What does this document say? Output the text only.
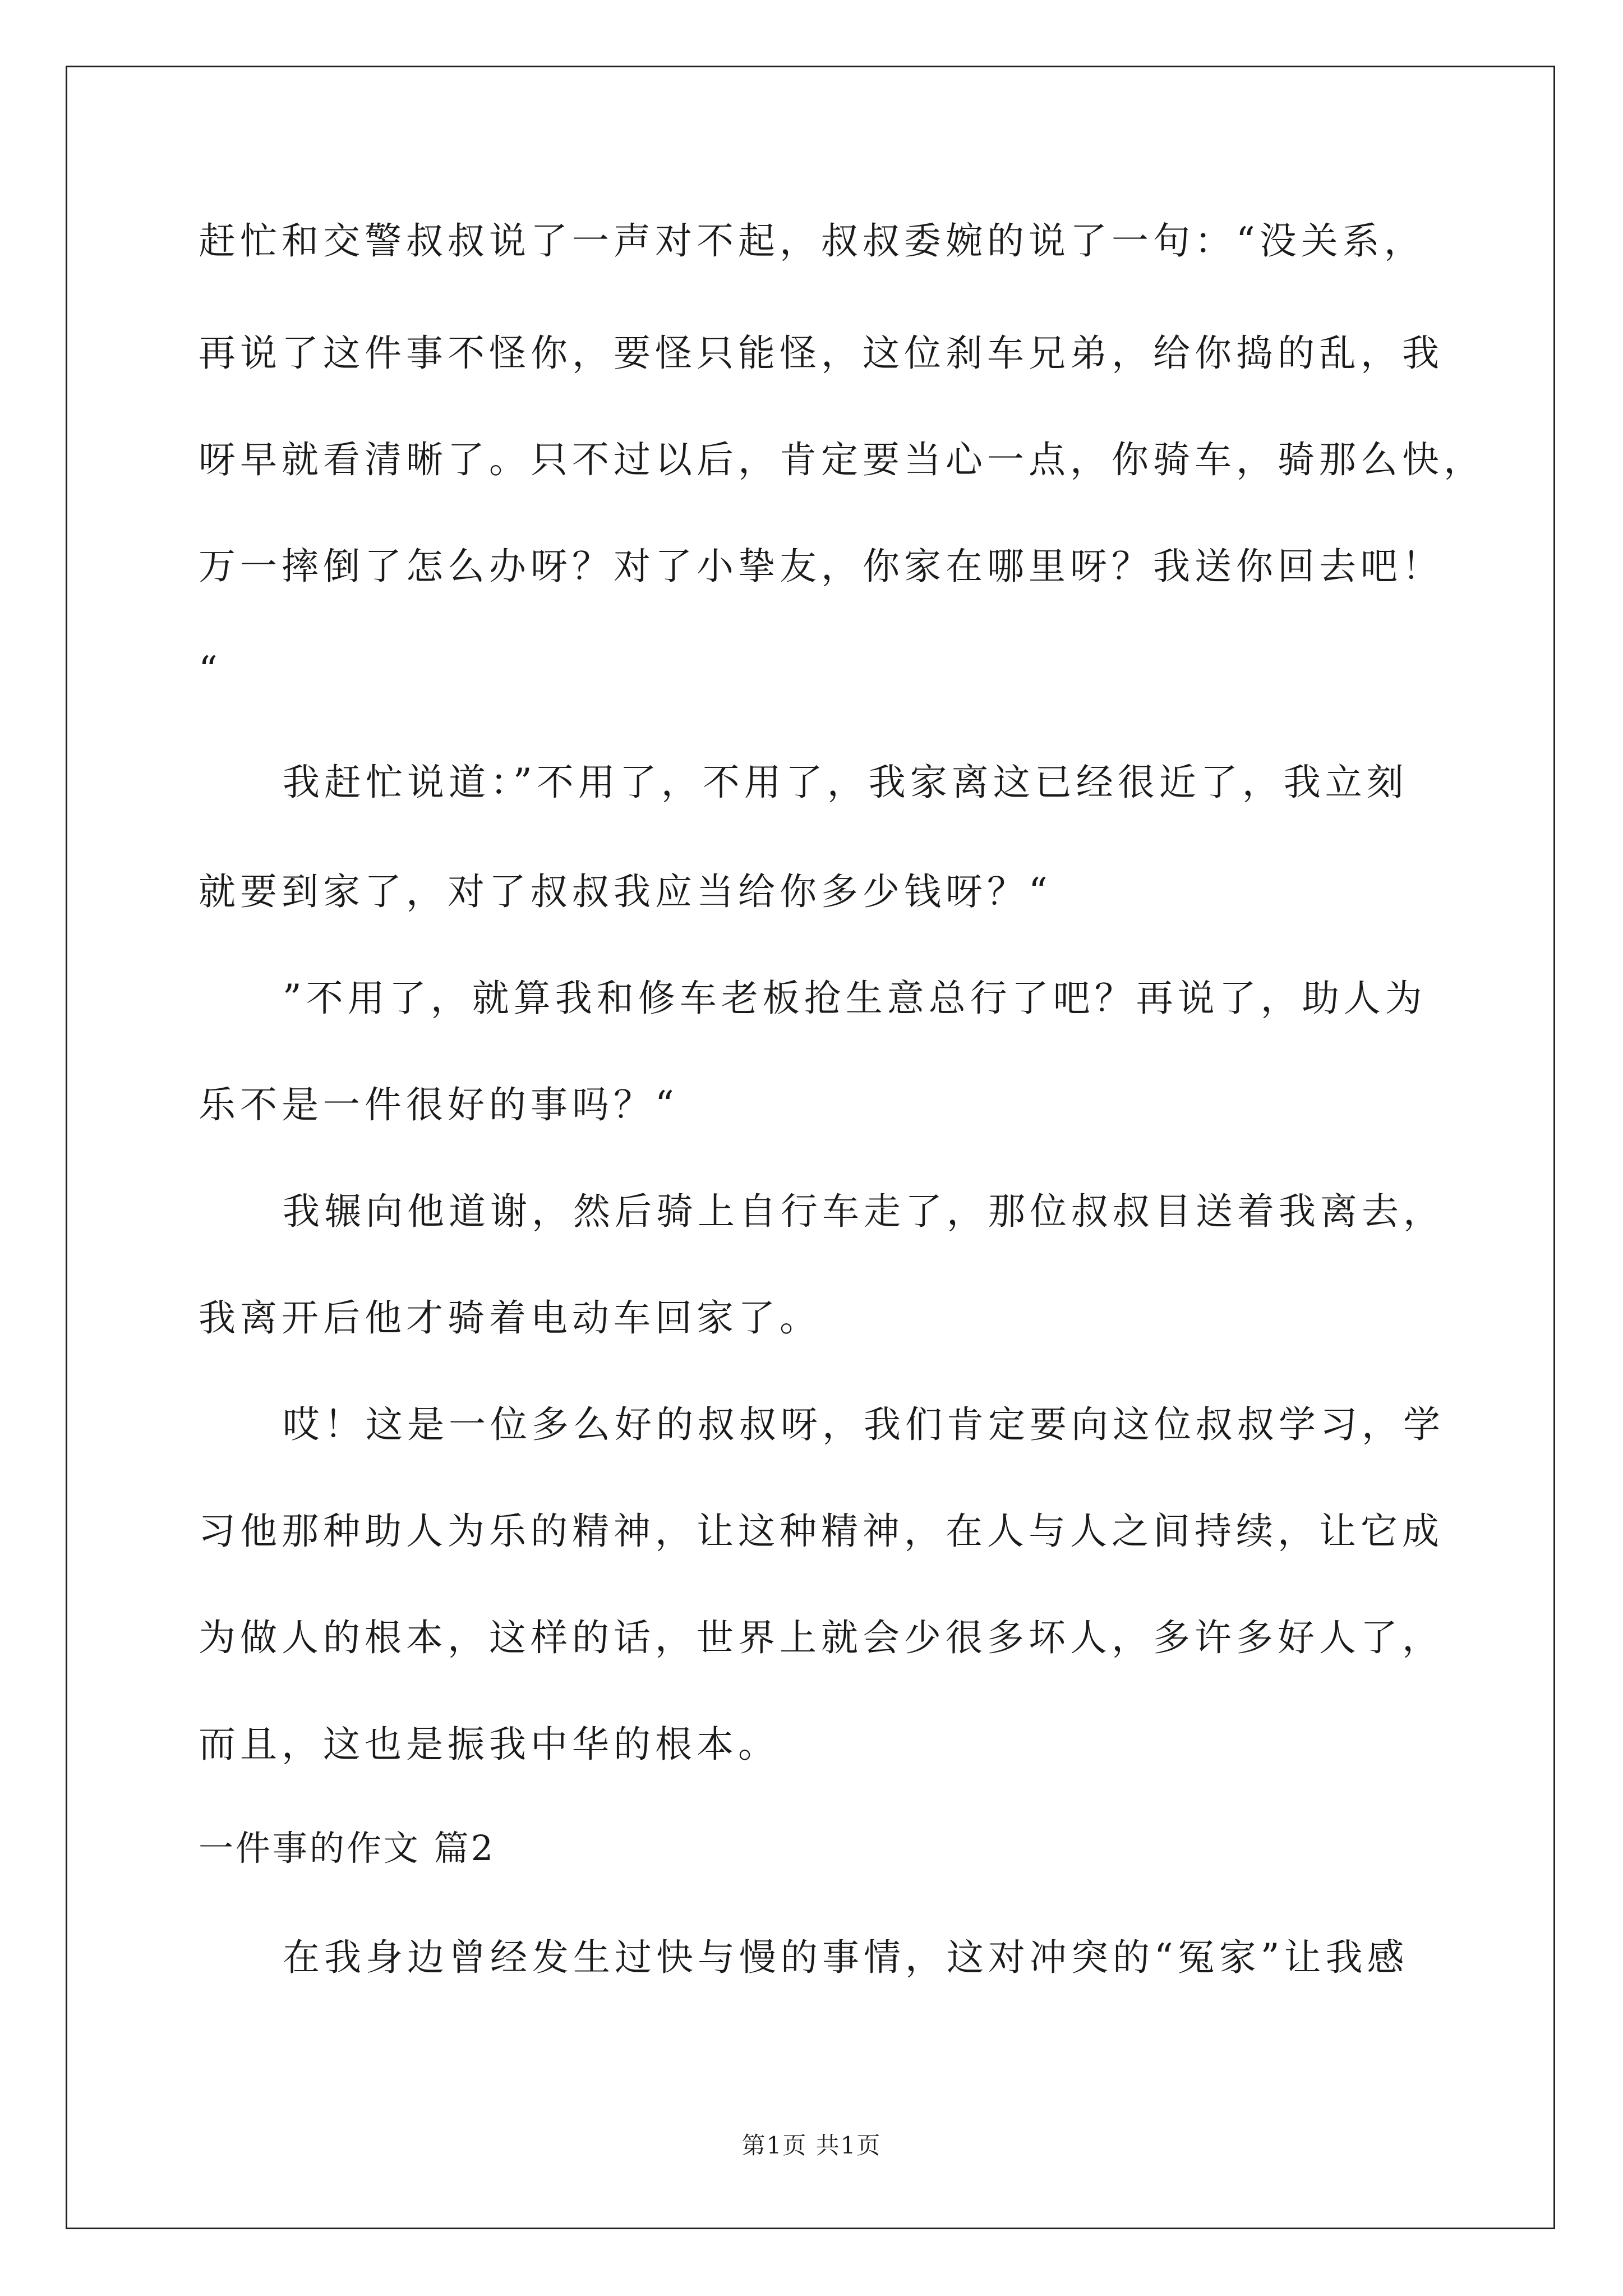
赶忙和交警叔叔说了一声对不起，叔叔委婉的说了一句：“没关系，
再说了这件事不怪你，要怪只能怪，这位刹车兄弟，给你捣的乱，我
呀早就看清晰了。只不过以后，肯定要当心一点，你骑车，骑那么快，
万一摔倒了怎么办呀？对了小挚友，你家在哪里呀？我送你回去吧！
“
我赶忙说道：”不用了，不用了，我家离这已经很近了，我立刻
就要到家了，对了叔叔我应当给你多少钱呀？“
”不用了，就算我和修车老板抢生意总行了吧？再说了，助人为
乐不是一件很好的事吗？“
我辗向他道谢，然后骑上自行车走了，那位叔叔目送着我离去，
我离开后他才骑着电动车回家了。
哎！这是一位多么好的叔叔呀，我们肯定要向这位叔叔学习，学
习他那种助人为乐的精神，让这种精神，在人与人之间持续，让它成
为做人的根本，这样的话，世界上就会少很多坏人，多许多好人了，
而且，这也是振我中华的根本。
一件事的作文 篇2
在我身边曾经发生过快与慢的事情，这对冲突的“冤家”让我感
第1页 共1页
